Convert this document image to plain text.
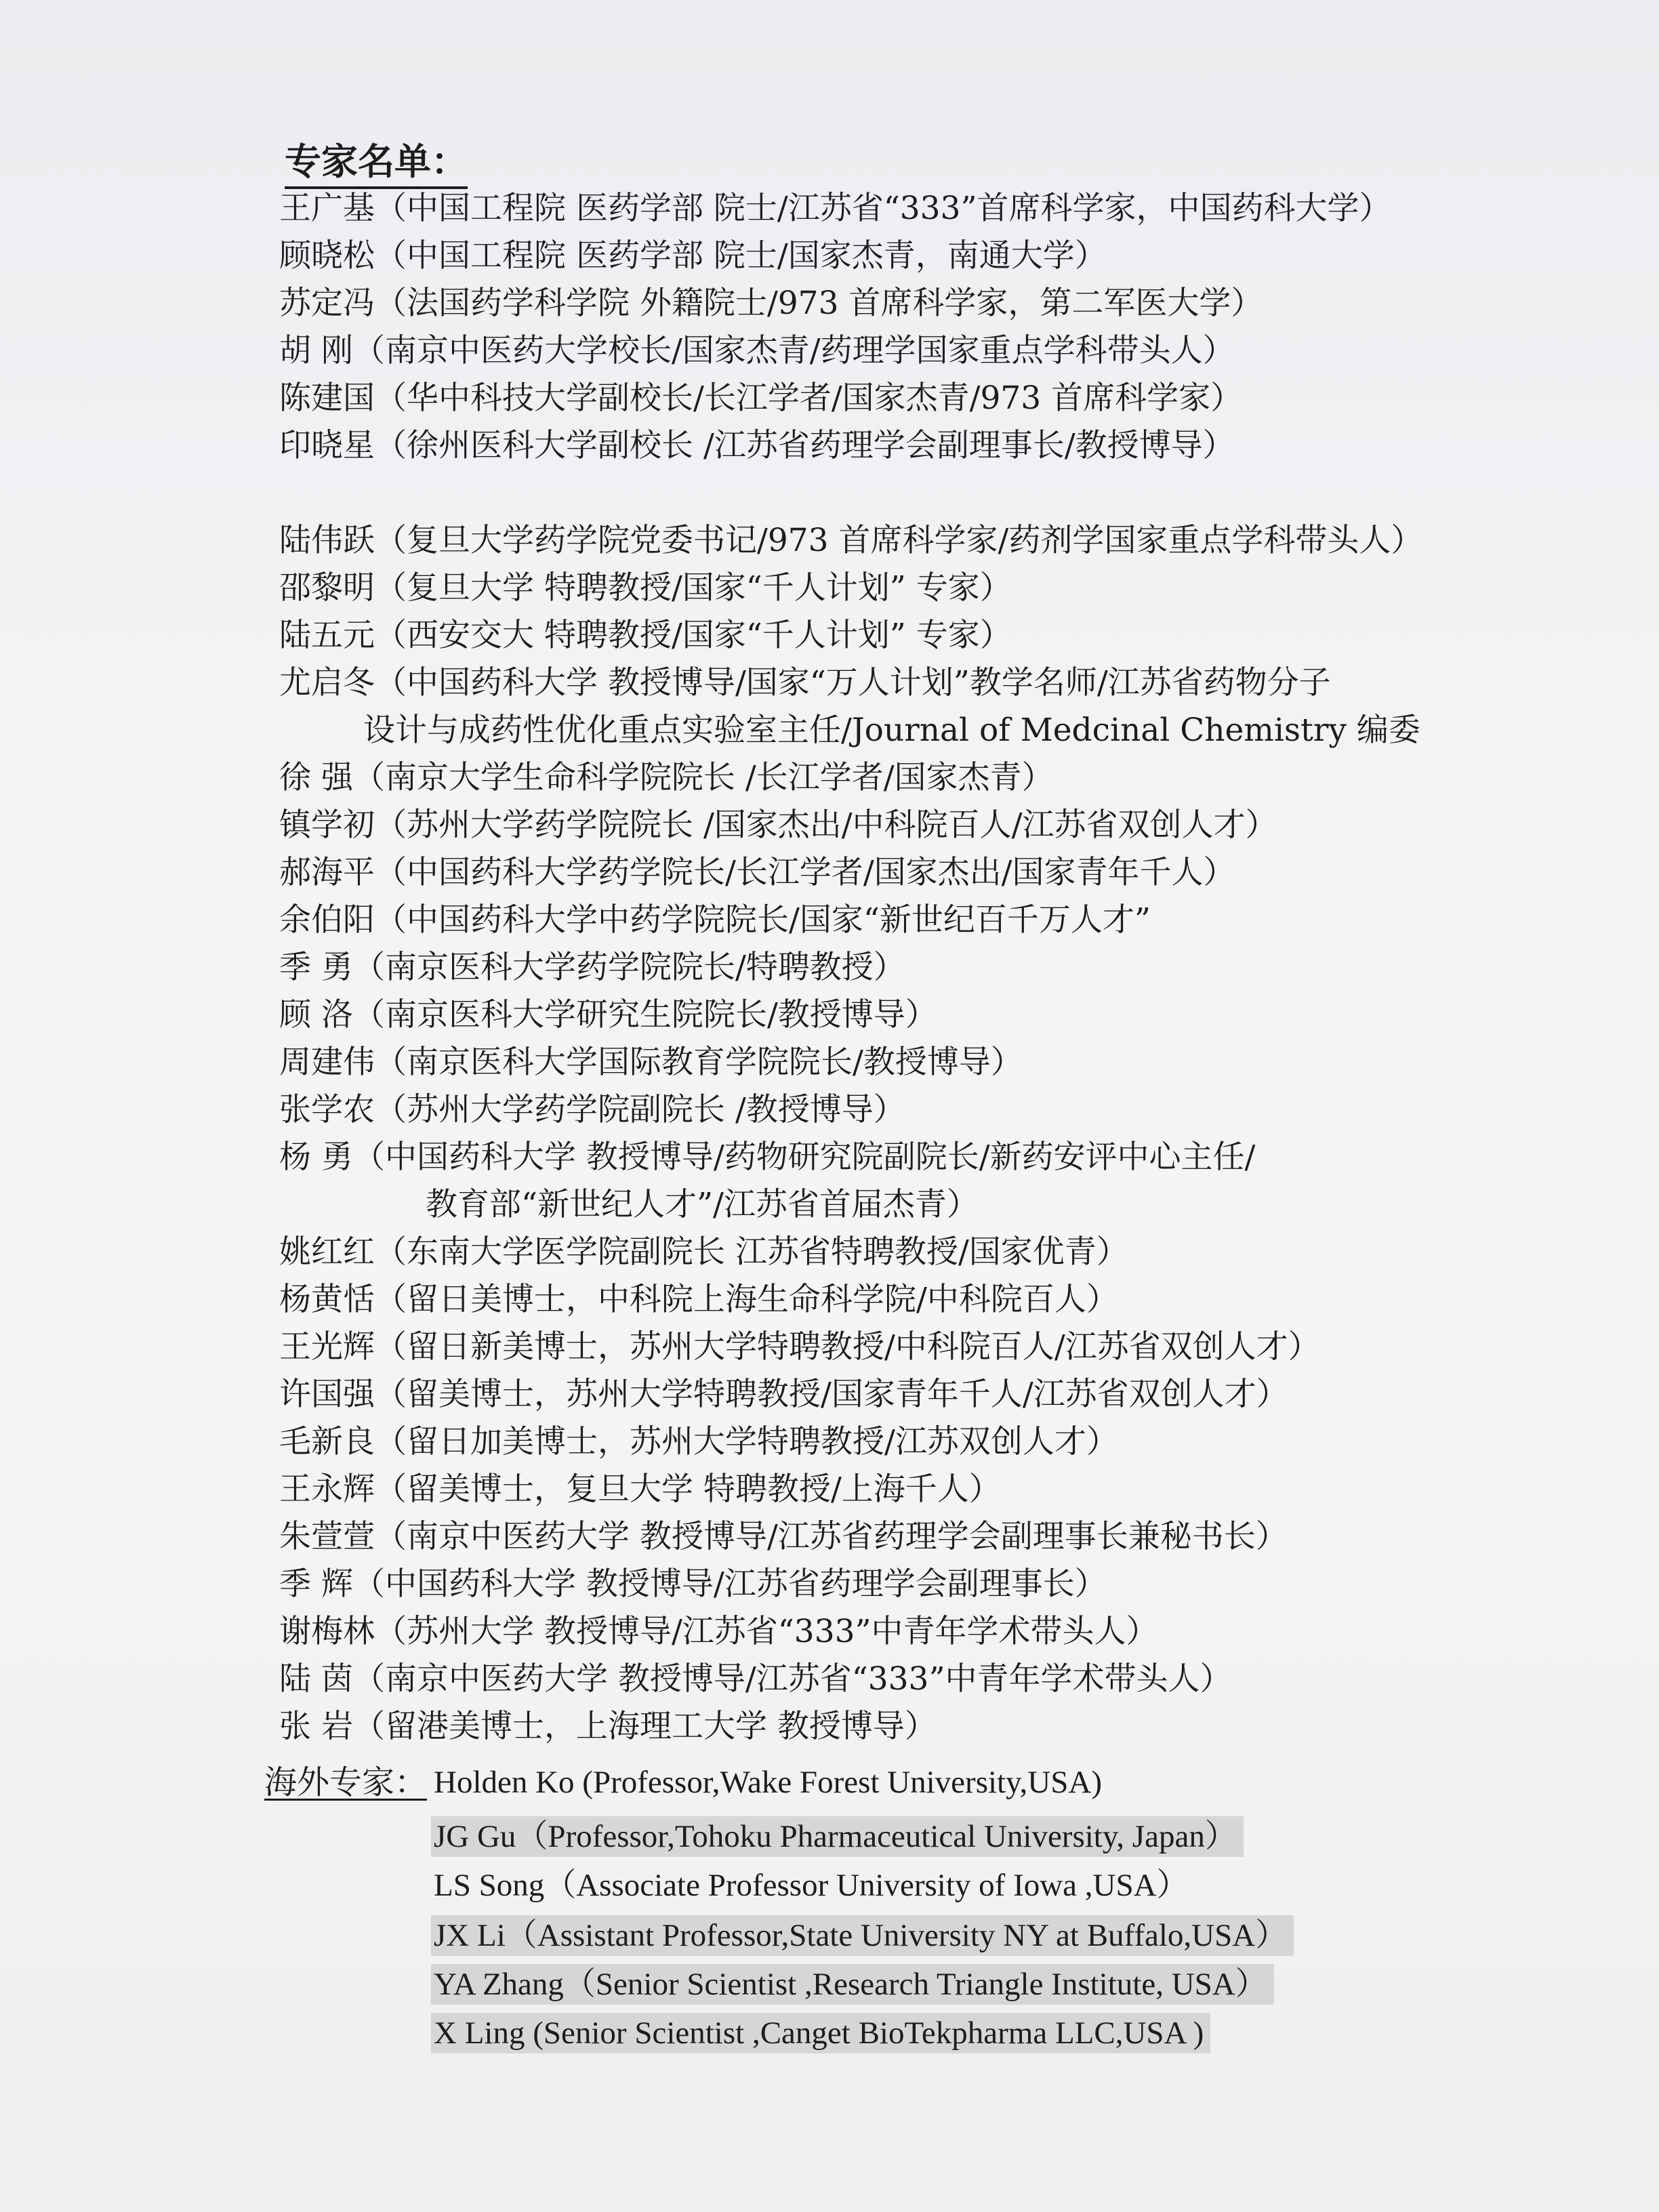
专家名单：
王广基（中国工程院 医药学部 院士/江苏省“333”首席科学家，中国药科大学）
顾晓松（中国工程院 医药学部 院士/国家杰青，南通大学）
苏定冯（法国药学科学院 外籍院士/973 首席科学家，第二军医大学）
胡 刚（南京中医药大学校长/国家杰青/药理学国家重点学科带头人）
陈建国（华中科技大学副校长/长江学者/国家杰青/973 首席科学家）
印晓星（徐州医科大学副校长 /江苏省药理学会副理事长/教授博导）
陆伟跃（复旦大学药学院党委书记/973 首席科学家/药剂学国家重点学科带头人）
邵黎明（复旦大学 特聘教授/国家“千人计划” 专家）
陆五元（西安交大 特聘教授/国家“千人计划” 专家）
尤启冬（中国药科大学 教授博导/国家“万人计划”教学名师/江苏省药物分子
设计与成药性优化重点实验室主任/Journal of Medcinal Chemistry 编委
徐 强（南京大学生命科学院院长 /长江学者/国家杰青）
镇学初（苏州大学药学院院长 /国家杰出/中科院百人/江苏省双创人才）
郝海平（中国药科大学药学院长/长江学者/国家杰出/国家青年千人）
余伯阳（中国药科大学中药学院院长/国家“新世纪百千万人才”
季 勇（南京医科大学药学院院长/特聘教授）
顾 洛（南京医科大学研究生院院长/教授博导）
周建伟（南京医科大学国际教育学院院长/教授博导）
张学农（苏州大学药学院副院长 /教授博导）
杨 勇（中国药科大学 教授博导/药物研究院副院长/新药安评中心主任/
教育部“新世纪人才”/江苏省首届杰青）
姚红红（东南大学医学院副院长 江苏省特聘教授/国家优青）
杨黄恬（留日美博士，中科院上海生命科学院/中科院百人）
王光辉（留日新美博士，苏州大学特聘教授/中科院百人/江苏省双创人才）
许国强（留美博士，苏州大学特聘教授/国家青年千人/江苏省双创人才）
毛新良（留日加美博士，苏州大学特聘教授/江苏双创人才）
王永辉（留美博士，复旦大学 特聘教授/上海千人）
朱萱萱（南京中医药大学 教授博导/江苏省药理学会副理事长兼秘书长）
季 辉（中国药科大学 教授博导/江苏省药理学会副理事长）
谢梅林（苏州大学 教授博导/江苏省“333”中青年学术带头人）
陆 茵（南京中医药大学 教授博导/江苏省“333”中青年学术带头人）
张 岩（留港美博士，上海理工大学 教授博导）
海外专家： Holden Ko (Professor,Wake Forest University,USA)
JG Gu（Professor,Tohoku Pharmaceutical University, Japan）
LS Song（Associate Professor University of Iowa ,USA）
JX Li（Assistant Professor,State University NY at Buffalo,USA）
YA Zhang（Senior Scientist ,Research Triangle Institute, USA）
X Ling (Senior Scientist ,Canget BioTekpharma LLC,USA )
